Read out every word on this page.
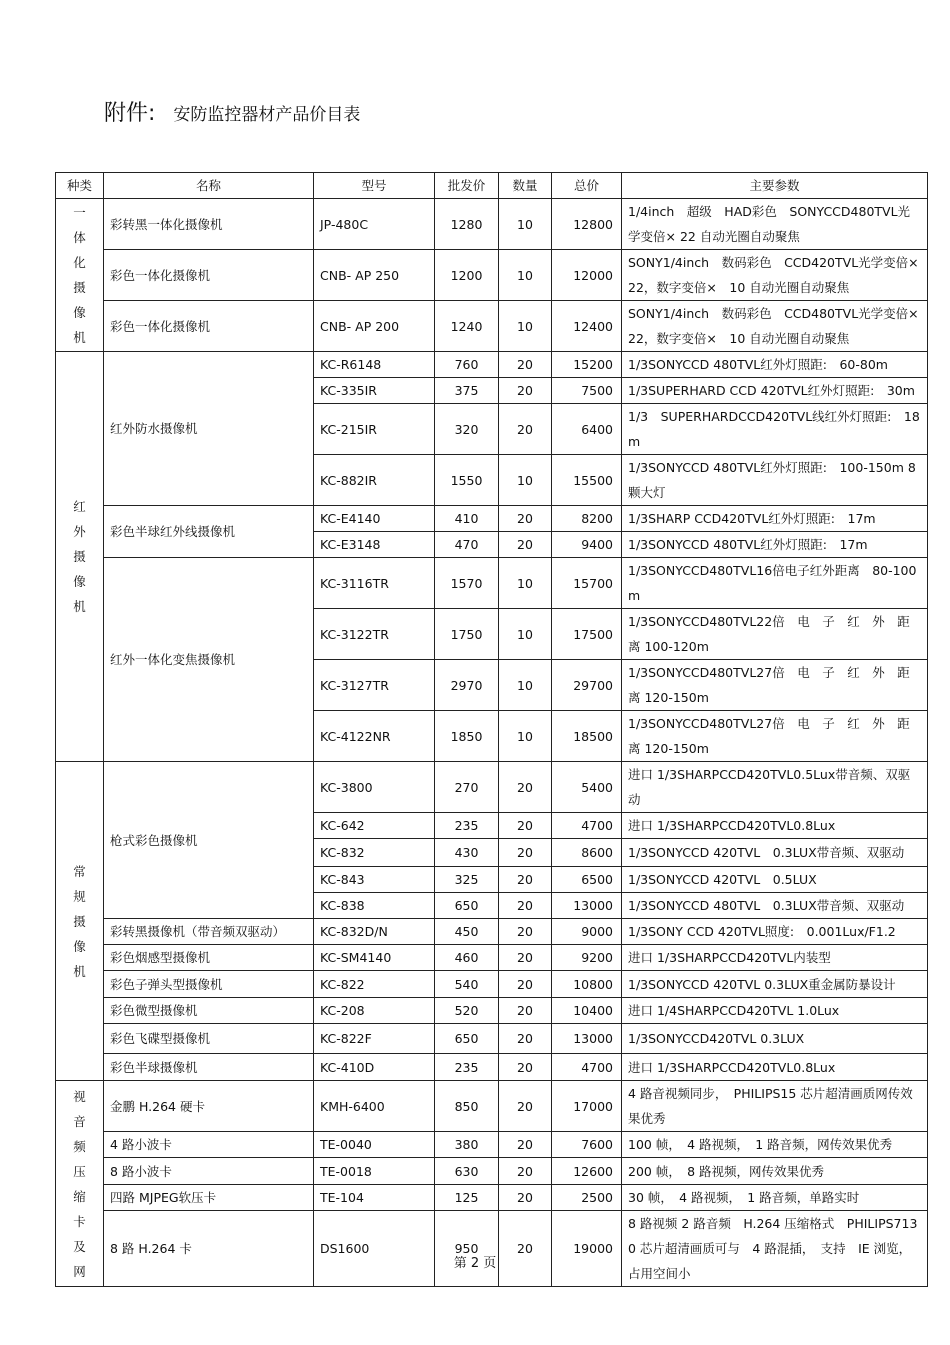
附件: 安防监控器材产品价目表
种类	名称	型号	批发价	数量	总价	主要参数
一体化摄像机	彩转黑一体化摄像机	JP-480C	1280	10	12800	1/4inch　超级　HAD彩色　SONYCCD480TVL光学变倍× 22 自动光圈自动聚焦
	彩色一体化摄像机	CNB- AP 250	1200	10	12000	SONY1/4inch　数码彩色　CCD420TVL光学变倍× 22，数字变倍×　10 自动光圈自动聚焦
	彩色一体化摄像机	CNB- AP 200	1240	10	12400	SONY1/4inch　数码彩色　CCD480TVL光学变倍× 22，数字变倍×　10 自动光圈自动聚焦
红外摄像机	红外防水摄像机	KC-R6148	760	20	15200	1/3SONYCCD 480TVL红外灯照距:　60-80m
		KC-335IR	375	20	7500	1/3SUPERHARD CCD 420TVL红外灯照距:　30m
		KC-215IR	320	20	6400	1/3　SUPERHARDCCD420TVL线红外灯照距:　18m
		KC-882IR	1550	10	15500	1/3SONYCCD 480TVL红外灯照距:　100-150m 8 颗大灯
	彩色半球红外线摄像机	KC-E4140	410	20	8200	1/3SHARP CCD420TVL红外灯照距:　17m
		KC-E3148	470	20	9400	1/3SONYCCD 480TVL红外灯照距:　17m
	红外一体化变焦摄像机	KC-3116TR	1570	10	15700	1/3SONYCCD480TVL16倍电子红外距离　80-100m
		KC-3122TR	1750	10	17500	1/3SONYCCD480TVL22倍　电　子　红　外　距　离 100-120m
		KC-3127TR	2970	10	29700	1/3SONYCCD480TVL27倍　电　子　红　外　距　离 120-150m
		KC-4122NR	1850	10	18500	1/3SONYCCD480TVL27倍　电　子　红　外　距　离 120-150m
常规摄像机	枪式彩色摄像机	KC-3800	270	20	5400	进口 1/3SHARPCCD420TVL0.5Lux带音频、双驱动
		KC-642	235	20	4700	进口 1/3SHARPCCD420TVL0.8Lux
		KC-832	430	20	8600	1/3SONYCCD 420TVL　0.3LUX带音频、双驱动
		KC-843	325	20	6500	1/3SONYCCD 420TVL　0.5LUX
		KC-838	650	20	13000	1/3SONYCCD 480TVL　0.3LUX带音频、双驱动
	彩转黑摄像机（带音频双驱动）	KC-832D/N	450	20	9000	1/3SONY CCD 420TVL照度:　0.001Lux/F1.2
	彩色烟感型摄像机	KC-SM4140	460	20	9200	进口 1/3SHARPCCD420TVL内装型
	彩色子弹头型摄像机	KC-822	540	20	10800	1/3SONYCCD 420TVL 0.3LUX重金属防暴设计
	彩色微型摄像机	KC-208	520	20	10400	进口 1/4SHARPCCD420TVL 1.0Lux
	彩色飞碟型摄像机	KC-822F	650	20	13000	1/3SONYCCD420TVL 0.3LUX
	彩色半球摄像机	KC-410D	235	20	4700	进口 1/3SHARPCCD420TVL0.8Lux
视音频压缩卡及网	金鹏 H.264 硬卡	KMH-6400	850	20	17000	4 路音视频同步，　PHILIPS15 芯片超清画质网传效果优秀
	4 路小波卡	TE-0040	380	20	7600	100 帧，　4 路视频，　1 路音频，网传效果优秀
	8 路小波卡	TE-0018	630	20	12600	200 帧，　8 路视频，网传效果优秀
	四路 MJPEG软压卡	TE-104	125	20	2500	30 帧，　4 路视频，　1 路音频，单路实时
	8 路 H.264 卡	DS1600	950	20	19000	8 路视频 2 路音频　H.264 压缩格式　PHILIPS7130 芯片超清画质可与　4 路混插，　支持　IE 浏览，占用空间小
第 2 页
